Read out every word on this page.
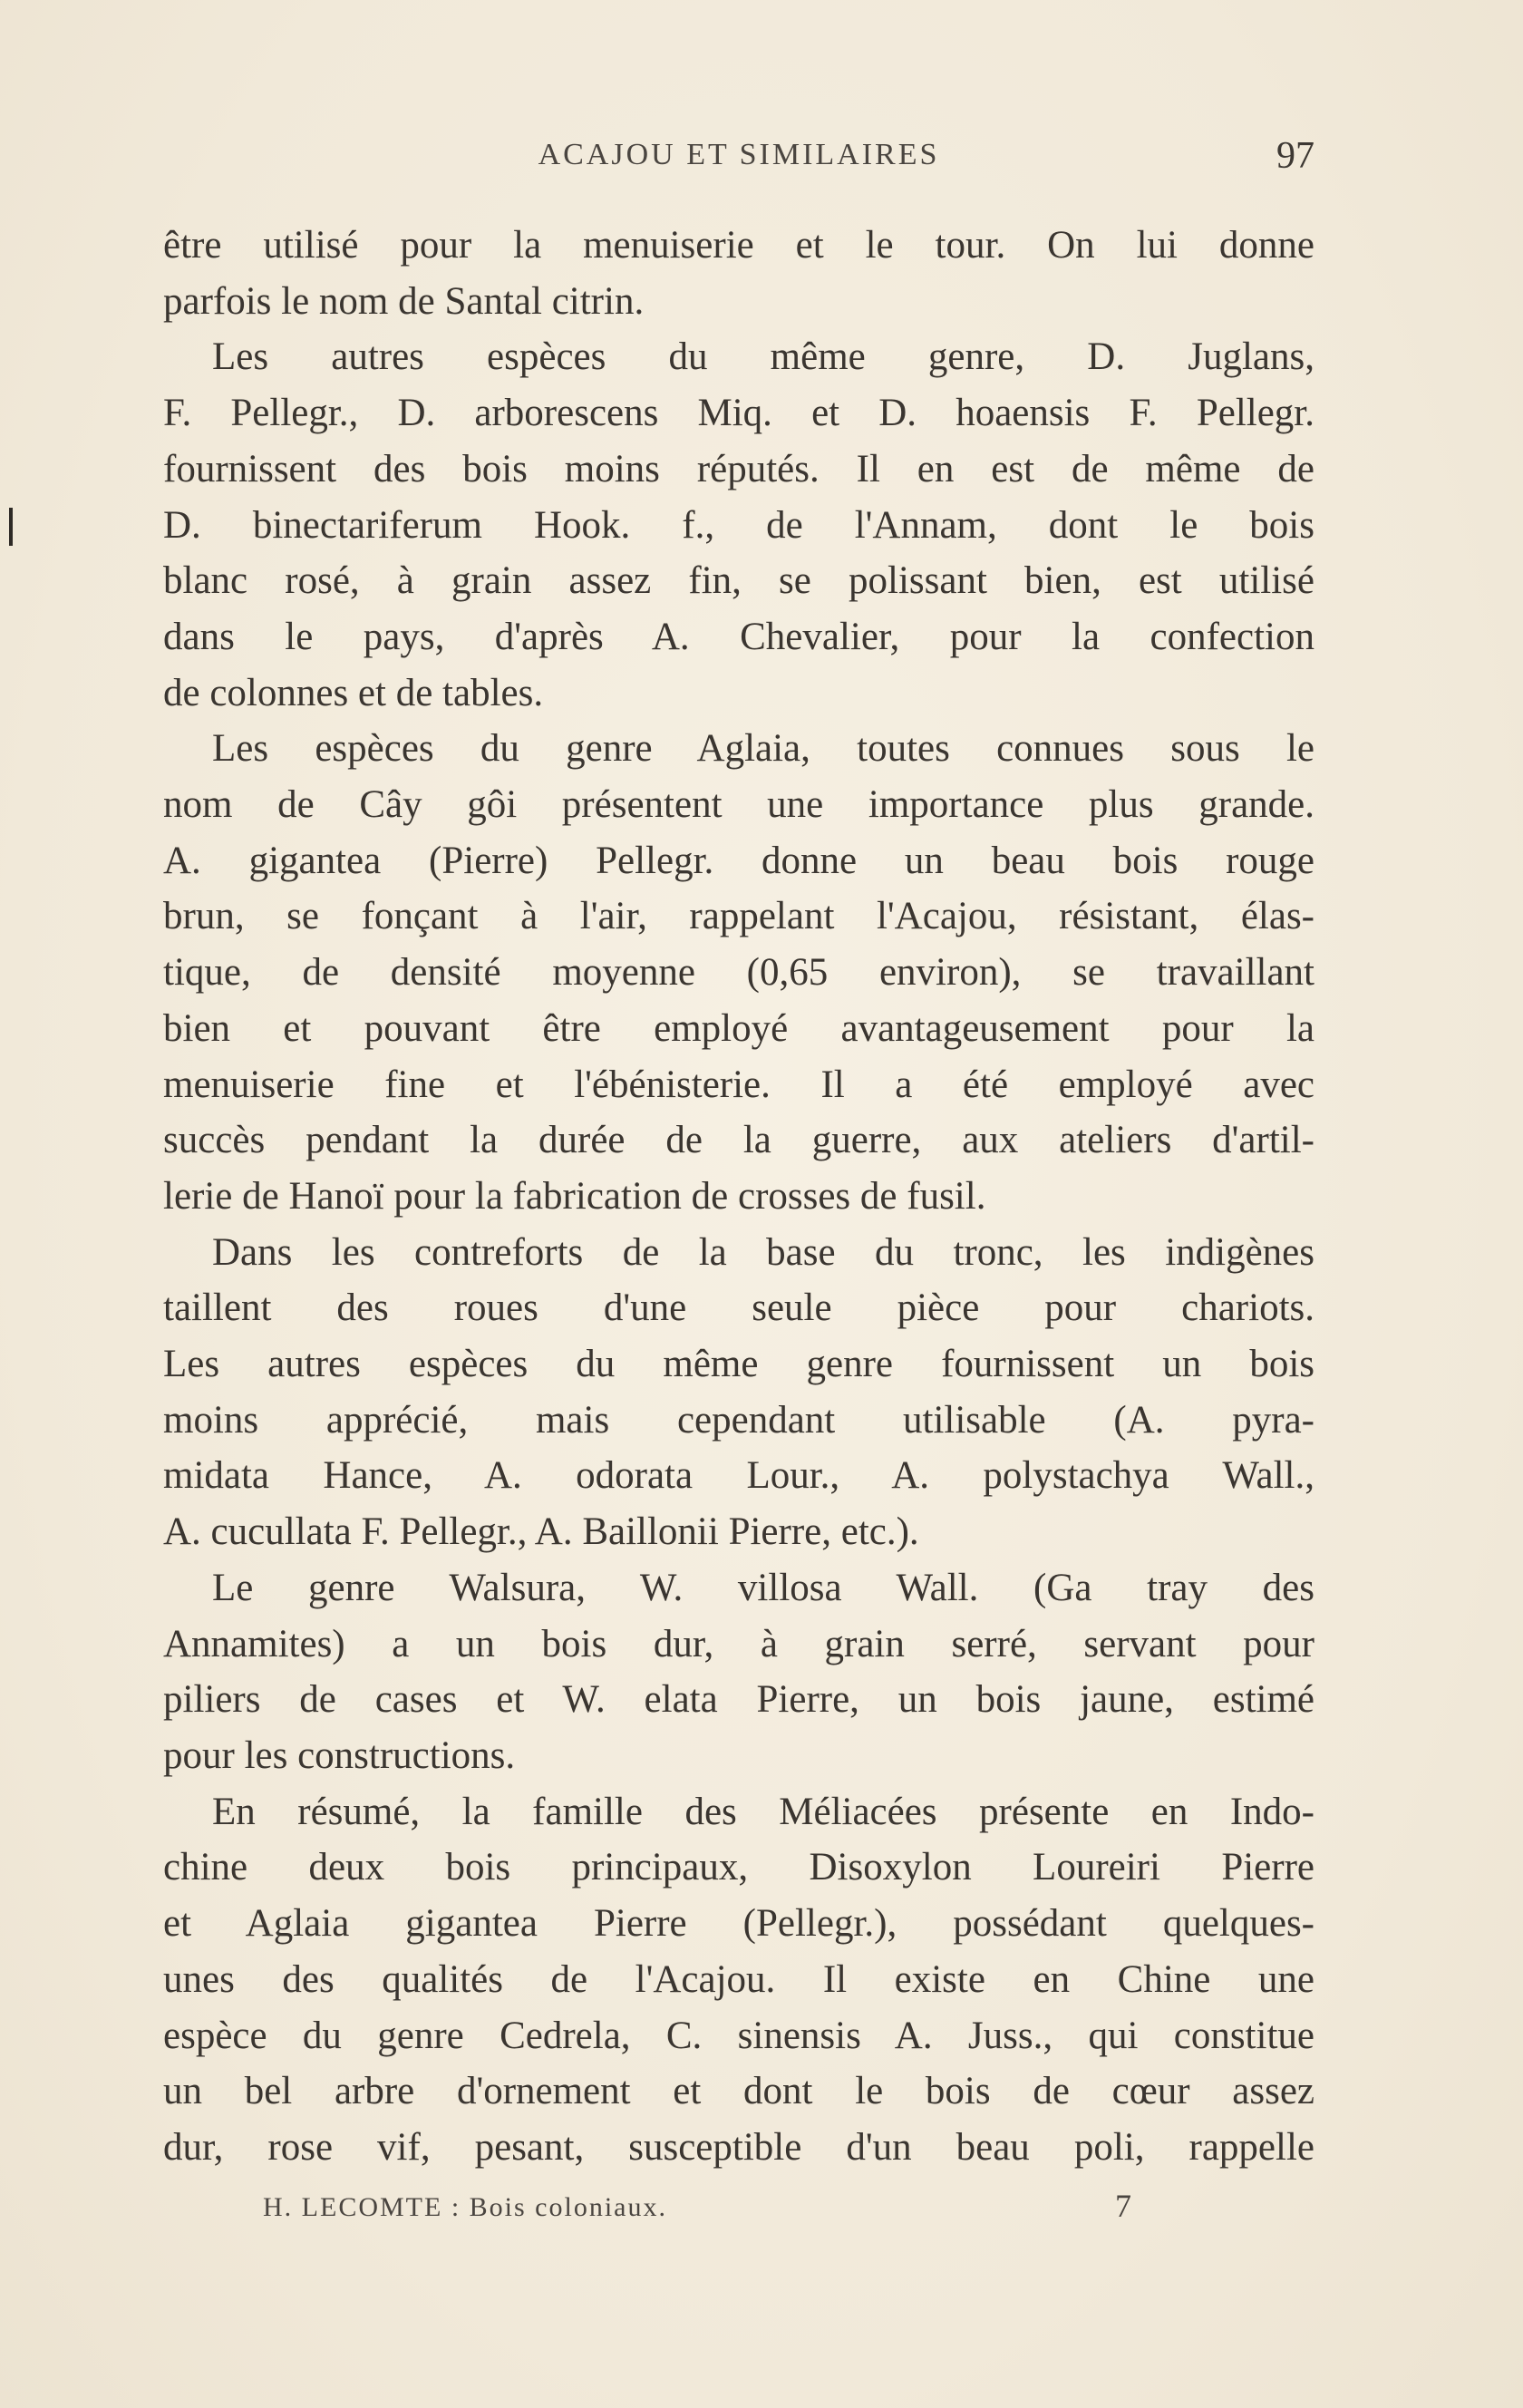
ACAJOU ET SIMILAIRES	97
être utilisé pour la menuiserie et le tour. On lui donne
parfois le nom de Santal citrin.
Les autres espèces du même genre, D. Juglans,
F. Pellegr., D. arborescens Miq. et D. hoaensis F. Pellegr.
fournissent des bois moins réputés. Il en est de même de
D. binectariferum Hook. f., de l'Annam, dont le bois
blanc rosé, à grain assez fin, se polissant bien, est utilisé
dans le pays, d'après A. Chevalier, pour la confection
de colonnes et de tables.
Les espèces du genre Aglaia, toutes connues sous le
nom de Cây gôi présentent une importance plus grande.
A. gigantea (Pierre) Pellegr. donne un beau bois rouge
brun, se fonçant à l'air, rappelant l'Acajou, résistant, élas-
tique, de densité moyenne (0,65 environ), se travaillant
bien et pouvant être employé avantageusement pour la
menuiserie fine et l'ébénisterie. Il a été employé avec
succès pendant la durée de la guerre, aux ateliers d'artil-
lerie de Hanoï pour la fabrication de crosses de fusil.
Dans les contreforts de la base du tronc, les indigènes
taillent des roues d'une seule pièce pour chariots.
Les autres espèces du même genre fournissent un bois
moins apprécié, mais cependant utilisable (A. pyra-
midata Hance, A. odorata Lour., A. polystachya Wall.,
A. cucullata F. Pellegr., A. Baillonii Pierre, etc.).
Le genre Walsura, W. villosa Wall. (Ga tray des
Annamites) a un bois dur, à grain serré, servant pour
piliers de cases et W. elata Pierre, un bois jaune, estimé
pour les constructions.
En résumé, la famille des Méliacées présente en Indo-
chine deux bois principaux, Disoxylon Loureiri Pierre
et Aglaia gigantea Pierre (Pellegr.), possédant quelques-
unes des qualités de l'Acajou. Il existe en Chine une
espèce du genre Cedrela, C. sinensis A. Juss., qui constitue
un bel arbre d'ornement et dont le bois de cœur assez
dur, rose vif, pesant, susceptible d'un beau poli, rappelle
H. LECOMTE : Bois coloniaux.	7
